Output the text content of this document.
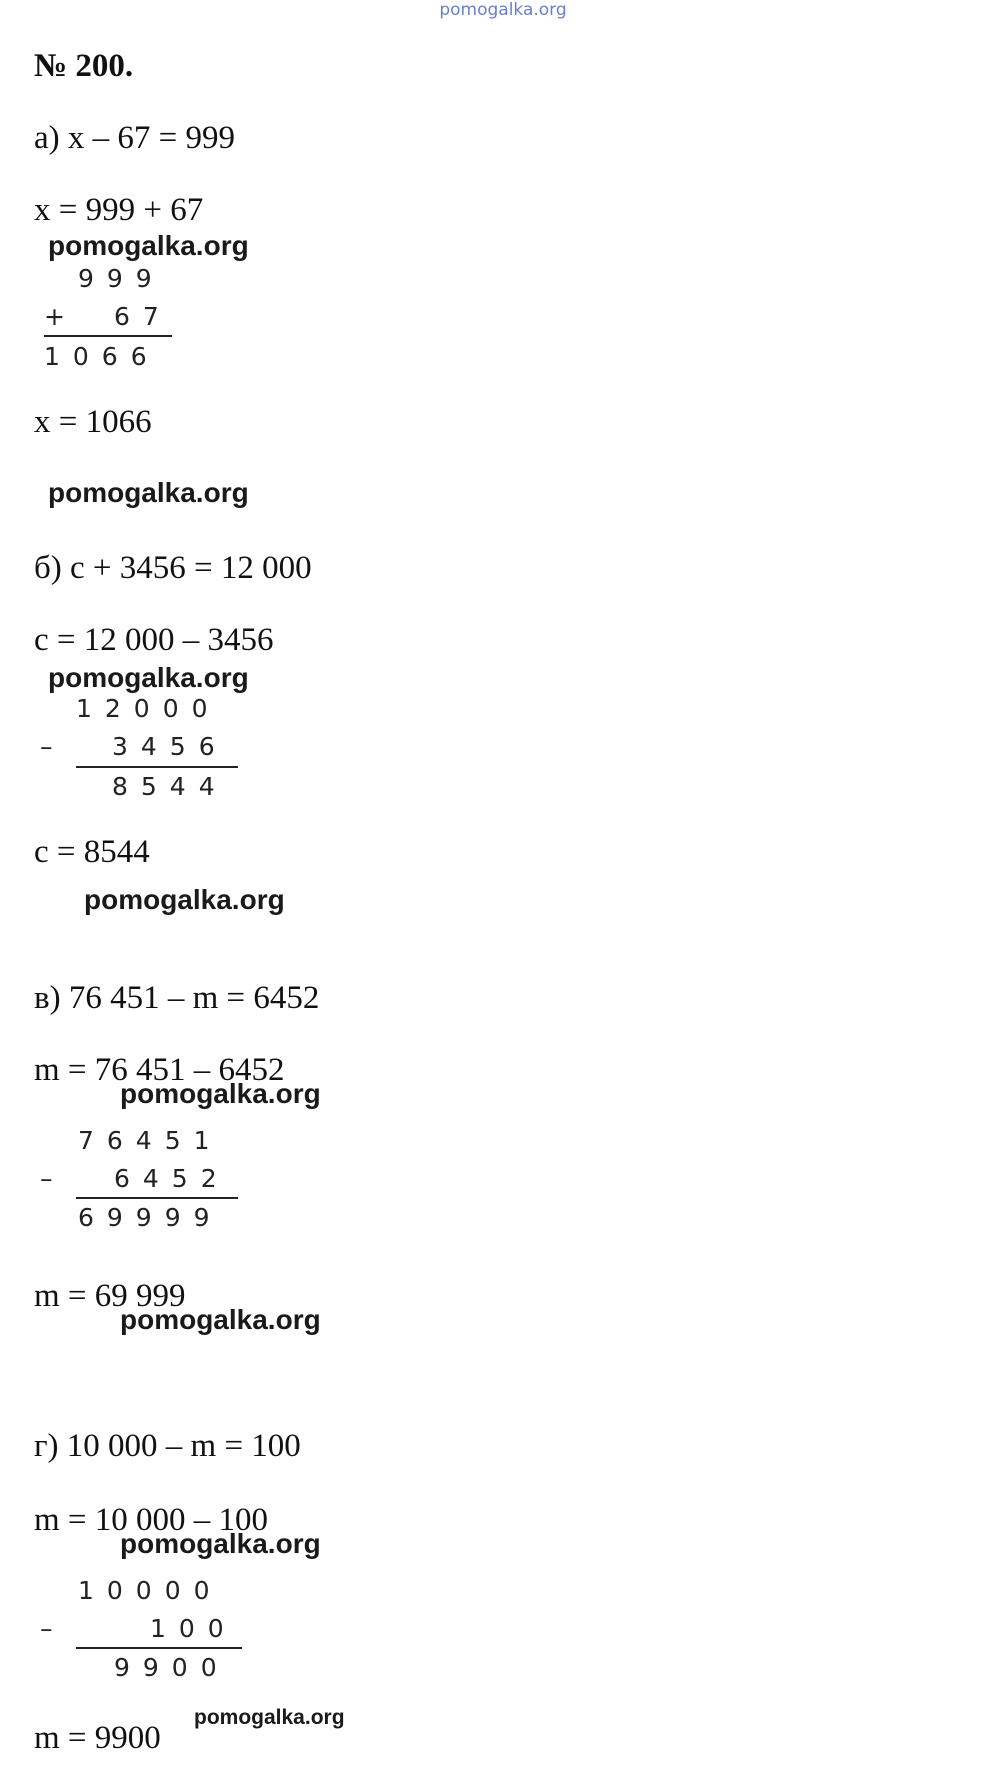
pomogalka.org
№ 200.
а) x – 67 = 999
x = 999 + 67
pomogalka.org
999
+ 67
1066
x = 1066
pomogalka.org
б) c + 3456 = 12 000
c = 12 000 – 3456
pomogalka.org
12000
– 3456
8544
c = 8544
pomogalka.org
в) 76 451 – m = 6452
m = 76 451 – 6452
pomogalka.org
76451
– 6452
69999
m = 69 999
pomogalka.org
г) 10 000 – m = 100
m = 10 000 – 100
pomogalka.org
10000
–	100
9900
m = 9900
pomogalka.org
